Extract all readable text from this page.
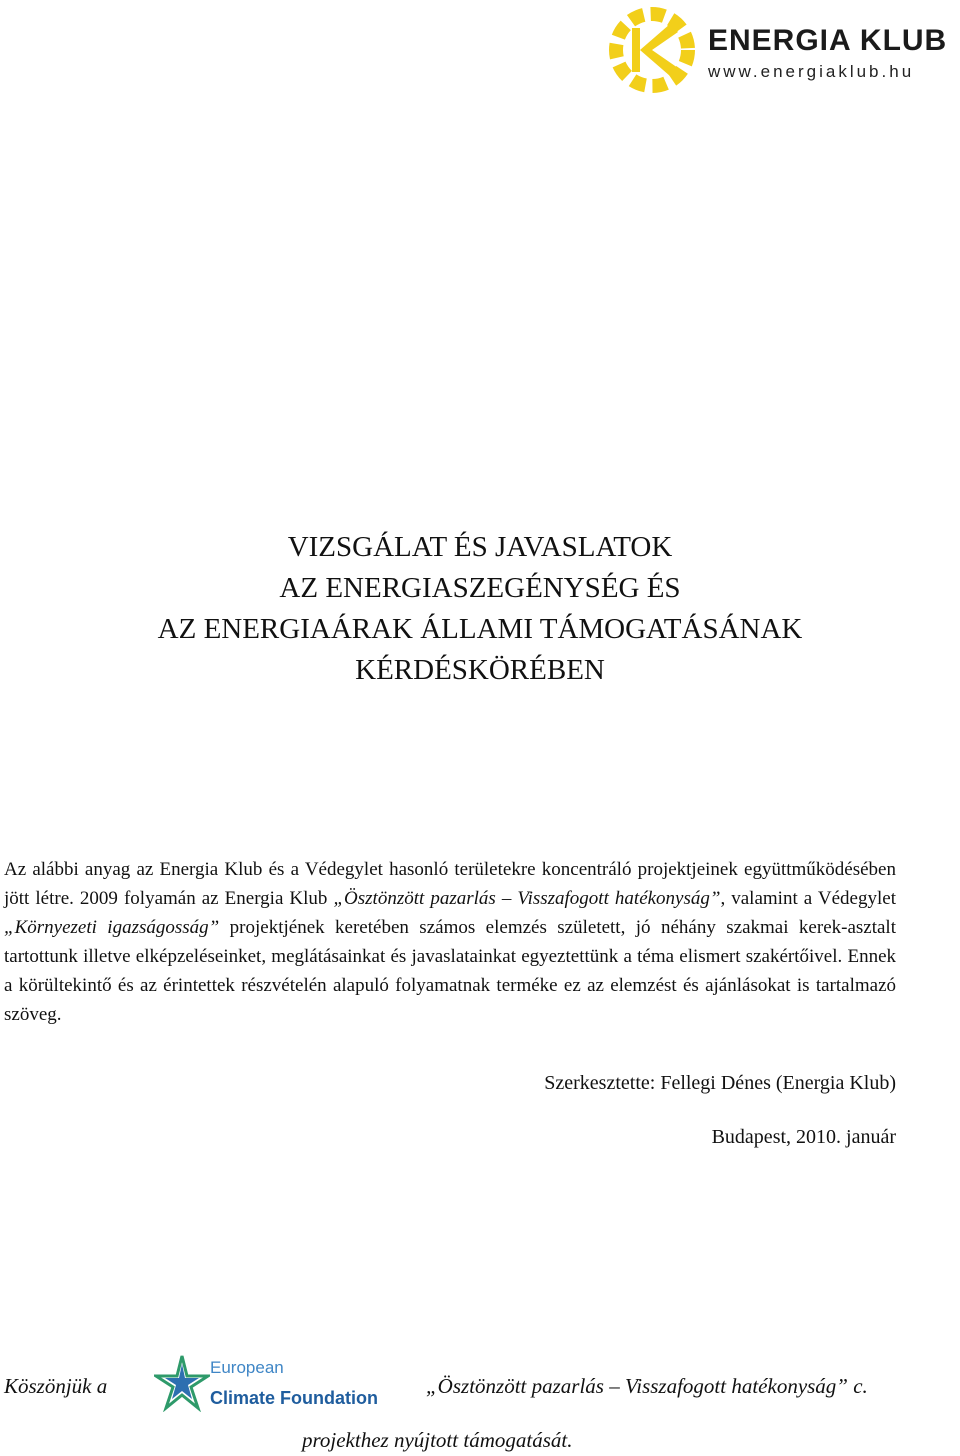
ENERGIA KLUB
www.energiaklub.hu
VIZSGÁLAT ÉS JAVASLATOK
AZ ENERGIASZEGÉNYSÉG ÉS
AZ ENERGIAÁRAK ÁLLAMI TÁMOGATÁSÁNAK
KÉRDÉSKÖRÉBEN

Az alábbi anyag az Energia Klub és a Védegylet hasonló területekre koncentráló projektjeinek együttműködésében jött létre. 2009 folyamán az Energia Klub „Ösztönzött pazarlás – Visszafogott hatékonyság”, valamint a Védegylet „Környezeti igazságosság” projektjének keretében számos elemzés született, jó néhány szakmai kerek-asztalt tartottunk illetve elképzeléseinket, meglátásainkat és javaslatainkat egyeztettünk a téma elismert szakértőivel. Ennek a körültekintő és az érintettek részvételén alapuló folyamatnak terméke ez az elemzést és ajánlásokat is tartalmazó szöveg.

Szerkesztette: Fellegi Dénes (Energia Klub)
Budapest, 2010. január
Köszönjük a
European
Climate Foundation „Ösztönzött pazarlás – Visszafogott hatékonyság” c.
projekthez nyújtott támogatását.
